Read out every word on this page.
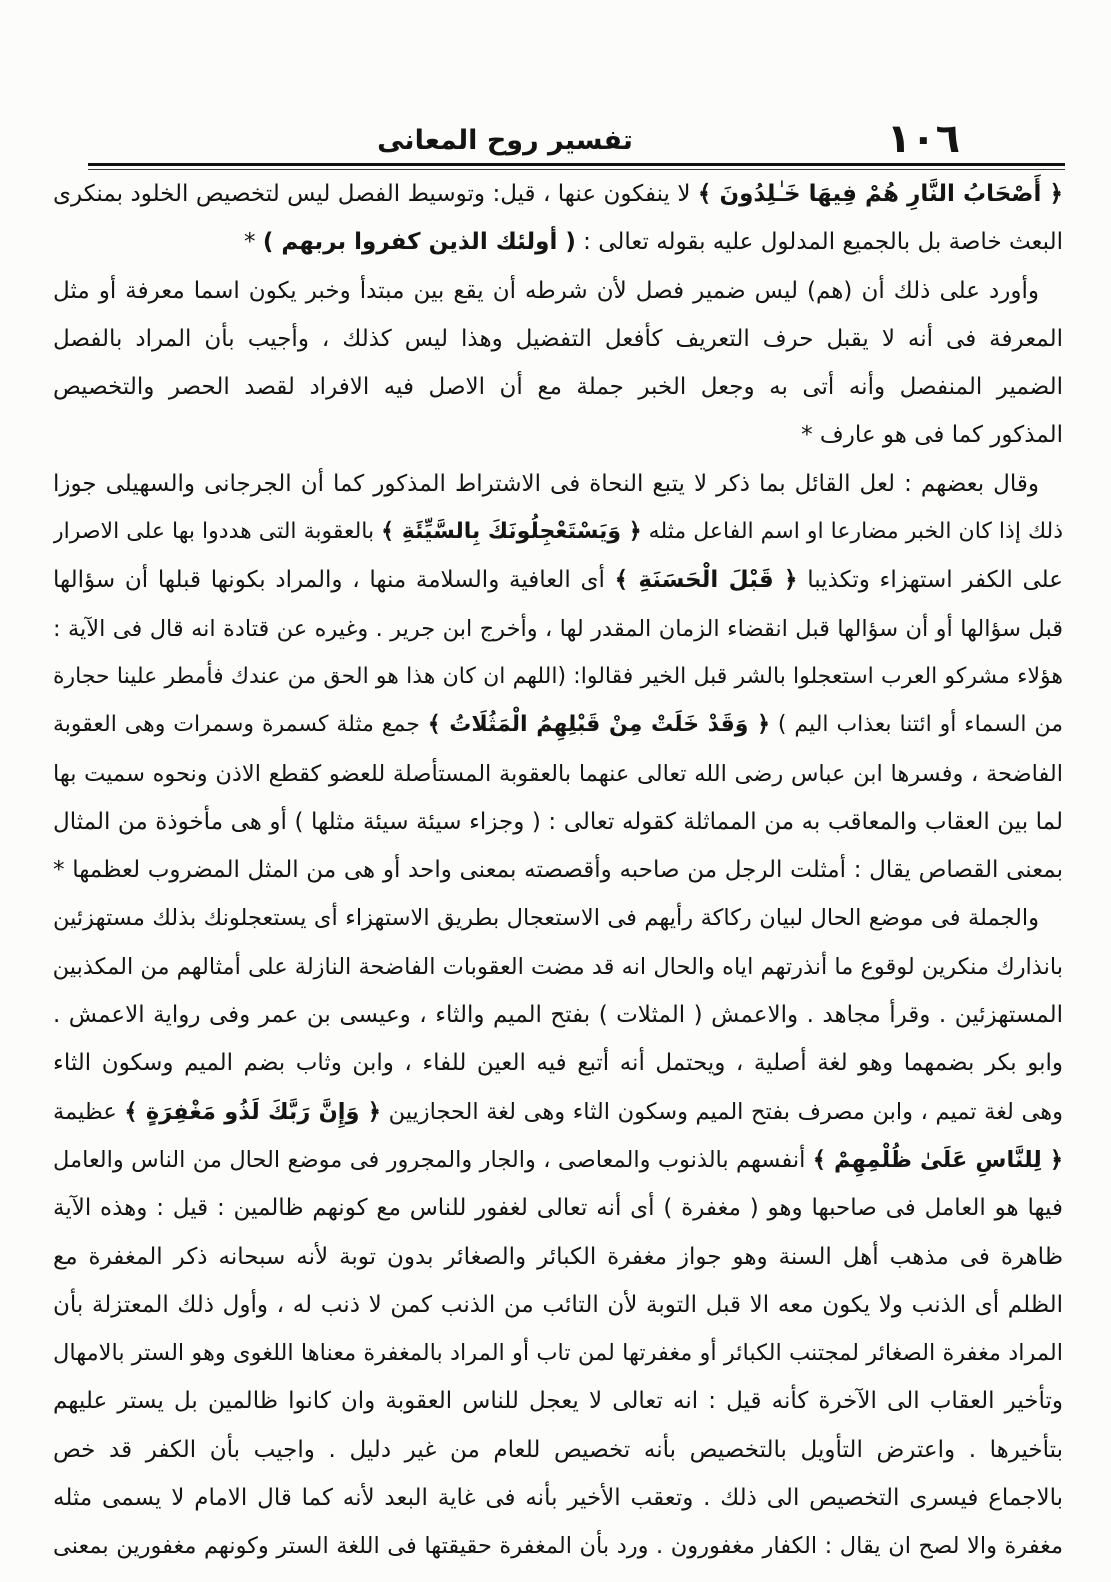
١٠٦
تفسير روح المعانى
﴿ أَصْحَابُ النَّارِ هُمْ فِيهَا خَـٰلِدُونَ ﴾ لا ينفكون عنها ، قيل: وتوسيط الفصل ليس لتخصيص الخلود بمنكرى
البعث خاصة بل بالجميع المدلول عليه بقوله تعالى : ( أولئك الذين كفروا بربهم ) *
وأورد على ذلك أن (هم) ليس ضمير فصل لأن شرطه أن يقع بين مبتدأ وخبر يكون اسما معرفة أو مثل
المعرفة فى أنه لا يقبل حرف التعريف كأفعل التفضيل وهذا ليس كذلك ، وأجيب بأن المراد بالفصل
الضمير المنفصل وأنه أتى به وجعل الخبر جملة مع أن الاصل فيه الافراد لقصد الحصر والتخصيص
المذكور كما فى هو عارف *
وقال بعضهم : لعل القائل بما ذكر لا يتبع النحاة فى الاشتراط المذكور كما أن الجرجانى والسهيلى جوزا
ذلك إذا كان الخبر مضارعا او اسم الفاعل مثله ﴿ وَيَسْتَعْجِلُونَكَ بِالسَّيِّئَةِ ﴾ بالعقوبة التى هددوا بها على الاصرار
على الكفر استهزاء وتكذيبا ﴿ قَبْلَ الْحَسَنَةِ ﴾ أى العافية والسلامة منها ، والمراد بكونها قبلها أن سؤالها
قبل سؤالها أو أن سؤالها قبل انقضاء الزمان المقدر لها ، وأخرج ابن جرير . وغيره عن قتادة انه قال فى الآية :
هؤلاء مشركو العرب استعجلوا بالشر قبل الخير فقالوا: (اللهم ان كان هذا هو الحق من عندك فأمطر علينا حجارة
من السماء أو ائتنا بعذاب اليم ) ﴿ وَقَدْ خَلَتْ مِنْ قَبْلِهِمُ الْمَثُلَاتُ ﴾ جمع مثلة كسمرة وسمرات وهى العقوبة
الفاضحة ، وفسرها ابن عباس رضى الله تعالى عنهما بالعقوبة المستأصلة للعضو كقطع الاذن ونحوه سميت بها
لما بين العقاب والمعاقب به من المماثلة كقوله تعالى : ( وجزاء سيئة سيئة مثلها ) أو هى مأخوذة من المثال
بمعنى القصاص يقال : أمثلت الرجل من صاحبه وأقصصته بمعنى واحد أو هى من المثل المضروب لعظمها *
والجملة فى موضع الحال لبيان ركاكة رأيهم فى الاستعجال بطريق الاستهزاء أى يستعجلونك بذلك مستهزئين
بانذارك منكرين لوقوع ما أنذرتهم اياه والحال انه قد مضت العقوبات الفاضحة النازلة على أمثالهم من المكذبين
المستهزئين . وقرأ مجاهد . والاعمش ( المثلات ) بفتح الميم والثاء ، وعيسى بن عمر وفى رواية الاعمش .
وابو بكر بضمهما وهو لغة أصلية ، ويحتمل أنه أتبع فيه العين للفاء ، وابن وثاب بضم الميم وسكون الثاء
وهى لغة تميم ، وابن مصرف بفتح الميم وسكون الثاء وهى لغة الحجازيين ﴿ وَإِنَّ رَبَّكَ لَذُو مَغْفِرَةٍ ﴾ عظيمة
﴿ لِلنَّاسِ عَلَىٰ ظُلْمِهِمْ ﴾ أنفسهم بالذنوب والمعاصى ، والجار والمجرور فى موضع الحال من الناس والعامل
فيها هو العامل فى صاحبها وهو ( مغفرة ) أى أنه تعالى لغفور للناس مع كونهم ظالمين : قيل : وهذه الآية
ظاهرة فى مذهب أهل السنة وهو جواز مغفرة الكبائر والصغائر بدون توبة لأنه سبحانه ذكر المغفرة مع
الظلم أى الذنب ولا يكون معه الا قبل التوبة لأن التائب من الذنب كمن لا ذنب له ، وأول ذلك المعتزلة بأن
المراد مغفرة الصغائر لمجتنب الكبائر أو مغفرتها لمن تاب أو المراد بالمغفرة معناها اللغوى وهو الستر بالامهال
وتأخير العقاب الى الآخرة كأنه قيل : انه تعالى لا يعجل للناس العقوبة وان كانوا ظالمين بل يستر عليهم
بتأخيرها . واعترض التأويل بالتخصيص بأنه تخصيص للعام من غير دليل . واجيب بأن الكفر قد خص
بالاجماع فيسرى التخصيص الى ذلك . وتعقب الأخير بأنه فى غاية البعد لأنه كما قال الامام لا يسمى مثله
مغفرة والا لصح ان يقال : الكفار مغفورون . ورد بأن المغفرة حقيقتها فى اللغة الستر وكونهم مغفورين بمعنى
